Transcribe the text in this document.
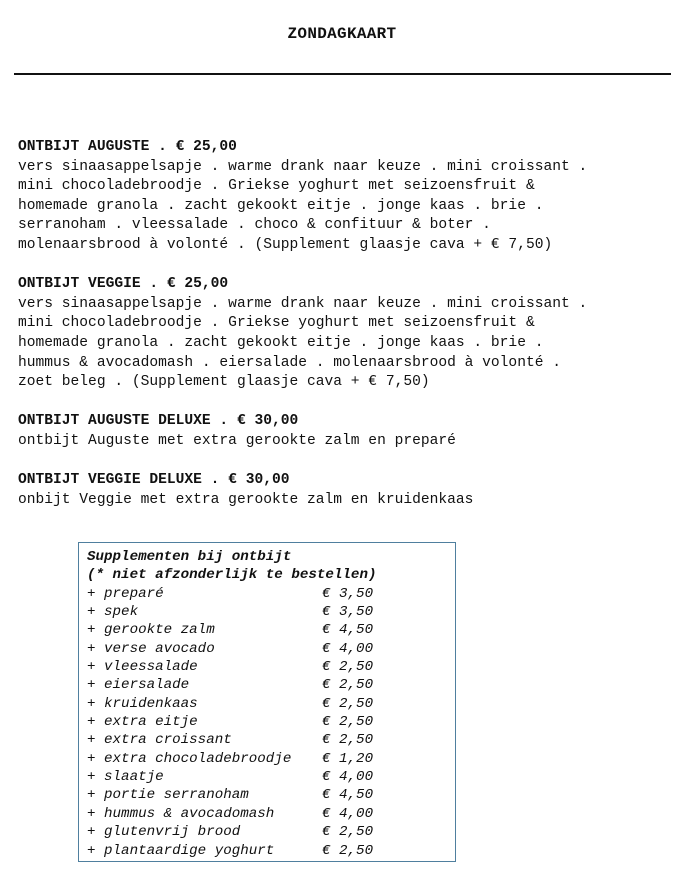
ZONDAGKAART
ONTBIJT AUGUSTE . € 25,00
vers sinaasappelsapje . warme drank naar keuze . mini croissant .
mini chocoladebroodje . Griekse yoghurt met seizoensfruit &
homemade granola . zacht gekookt eitje . jonge kaas . brie .
serranoham . vleessalade . choco & confituur & boter .
molenaarsbrood à volonté . (Supplement glaasje cava + € 7,50)
ONTBIJT VEGGIE . € 25,00
vers sinaasappelsapje . warme drank naar keuze . mini croissant .
mini chocoladebroodje . Griekse yoghurt met seizoensfruit &
homemade granola . zacht gekookt eitje . jonge kaas . brie .
hummus & avocadomash . eiersalade . molenaarsbrood à volonté .
zoet beleg . (Supplement glaasje cava + € 7,50)
ONTBIJT AUGUSTE DELUXE . € 30,00
ontbijt Auguste met extra gerookte zalm en preparé
ONTBIJT VEGGIE DELUXE . € 30,00
onbijt Veggie met extra gerookte zalm en kruidenkaas
Supplementen bij ontbijt
(* niet afzonderlijk te bestellen)
+ preparé	€ 3,50
+ spek	€ 3,50
+ gerookte zalm	€ 4,50
+ verse avocado	€ 4,00
+ vleessalade	€ 2,50
+ eiersalade	€ 2,50
+ kruidenkaas	€ 2,50
+ extra eitje	€ 2,50
+ extra croissant	€ 2,50
+ extra chocoladebroodje	€ 1,20
+ slaatje	€ 4,00
+ portie serranoham	€ 4,50
+ hummus & avocadomash	€ 4,00
+ glutenvrij brood	€ 2,50
+ plantaardige yoghurt	€ 2,50
